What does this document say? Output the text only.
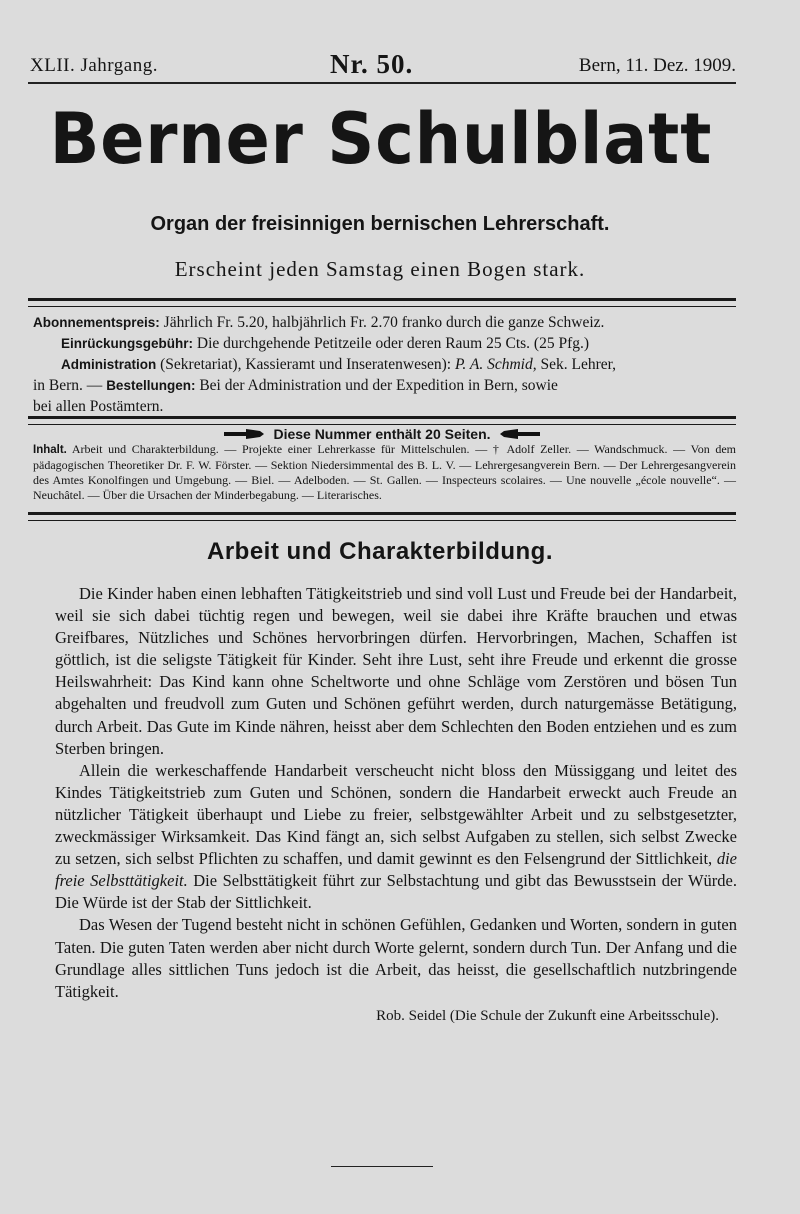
XLII. Jahrgang.	Nr. 50.	Bern, 11. Dez. 1909.
Berner Schulblatt
Organ der freisinnigen bernischen Lehrerschaft.
Erscheint jeden Samstag einen Bogen stark.
Abonnementspreis: Jährlich Fr. 5.20, halbjährlich Fr. 2.70 franko durch die ganze Schweiz.
Einrückungsgebühr: Die durchgehende Petitzeile oder deren Raum 25 Cts. (25 Pfg.)
Administration (Sekretariat), Kassieramt und Inseratenwesen): P. A. Schmid, Sek. Lehrer,
in Bern. — Bestellungen: Bei der Administration und der Expedition in Bern, sowie
bei allen Postämtern.
Diese Nummer enthält 20 Seiten.
Inhalt. Arbeit und Charakterbildung. — Projekte einer Lehrerkasse für Mittelschulen. — † Adolf Zeller. — Wandschmuck. — Von dem pädagogischen Theoretiker Dr. F. W. Förster. — Sektion Niedersimmental des B. L. V. — Lehrergesangverein Bern. — Der Lehrergesangverein des Amtes Konolfingen und Umgebung. — Biel. — Adelboden. — St. Gallen. — Inspecteurs scolaires. — Une nouvelle „école nouvelle“. — Neuchâtel. — Über die Ursachen der Minderbegabung. — Literarisches.
Arbeit und Charakterbildung.

Die Kinder haben einen lebhaften Tätigkeitstrieb und sind voll Lust und Freude bei der Handarbeit, weil sie sich dabei tüchtig regen und bewegen, weil sie dabei ihre Kräfte brauchen und etwas Greifbares, Nützliches und Schönes hervorbringen dürfen. Hervorbringen, Machen, Schaffen ist göttlich, ist die seligste Tätigkeit für Kinder. Seht ihre Lust, seht ihre Freude und erkennt die grosse Heilswahrheit: Das Kind kann ohne Scheltworte und ohne Schläge vom Zerstören und bösen Tun abgehalten und freudvoll zum Guten und Schönen geführt werden, durch naturgemässe Betätigung, durch Arbeit. Das Gute im Kinde nähren, heisst aber dem Schlechten den Boden entziehen und es zum Sterben bringen.

Allein die werkeschaffende Handarbeit verscheucht nicht bloss den Müssiggang und leitet des Kindes Tätigkeitstrieb zum Guten und Schönen, sondern die Handarbeit erweckt auch Freude an nützlicher Tätigkeit überhaupt und Liebe zu freier, selbstgewählter Arbeit und zu selbstgesetzter, zweckmässiger Wirksamkeit. Das Kind fängt an, sich selbst Aufgaben zu stellen, sich selbst Zwecke zu setzen, sich selbst Pflichten zu schaffen, und damit gewinnt es den Felsengrund der Sittlichkeit, die freie Selbsttätigkeit. Die Selbsttätigkeit führt zur Selbstachtung und gibt das Bewusstsein der Würde. Die Würde ist der Stab der Sittlichkeit.

Das Wesen der Tugend besteht nicht in schönen Gefühlen, Gedanken und Worten, sondern in guten Taten. Die guten Taten werden aber nicht durch Worte gelernt, sondern durch Tun. Der Anfang und die Grundlage alles sittlichen Tuns jedoch ist die Arbeit, das heisst, die gesellschaftlich nutzbringende Tätigkeit.

Rob. Seidel (Die Schule der Zukunft eine Arbeitsschule).
